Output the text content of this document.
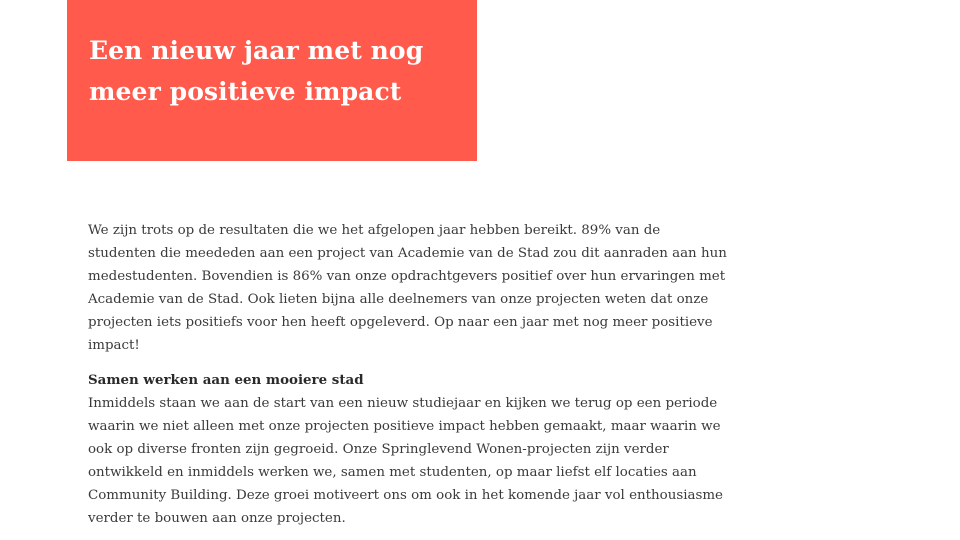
Een nieuw jaar met nog
meer positieve impact

We zijn trots op de resultaten die we het afgelopen jaar hebben bereikt. 89% van de studenten die meededen aan een project van Academie van de Stad zou dit aanraden aan hun medestudenten. Bovendien is 86% van onze opdrachtgevers positief over hun ervaringen met Academie van de Stad. Ook lieten bijna alle deelnemers van onze projecten weten dat onze projecten iets positiefs voor hen heeft opgeleverd. Op naar een jaar met nog meer positieve impact!

Samen werken aan een mooiere stad

Inmiddels staan we aan de start van een nieuw studiejaar en kijken we terug op een periode waarin we niet alleen met onze projecten positieve impact hebben gemaakt, maar waarin we ook op diverse fronten zijn gegroeid. Onze Springlevend Wonen-projecten zijn verder ontwikkeld en inmiddels werken we, samen met studenten, op maar liefst elf locaties aan Community Building. Deze groei motiveert ons om ook in het komende jaar vol enthousiasme verder te bouwen aan onze projecten.
